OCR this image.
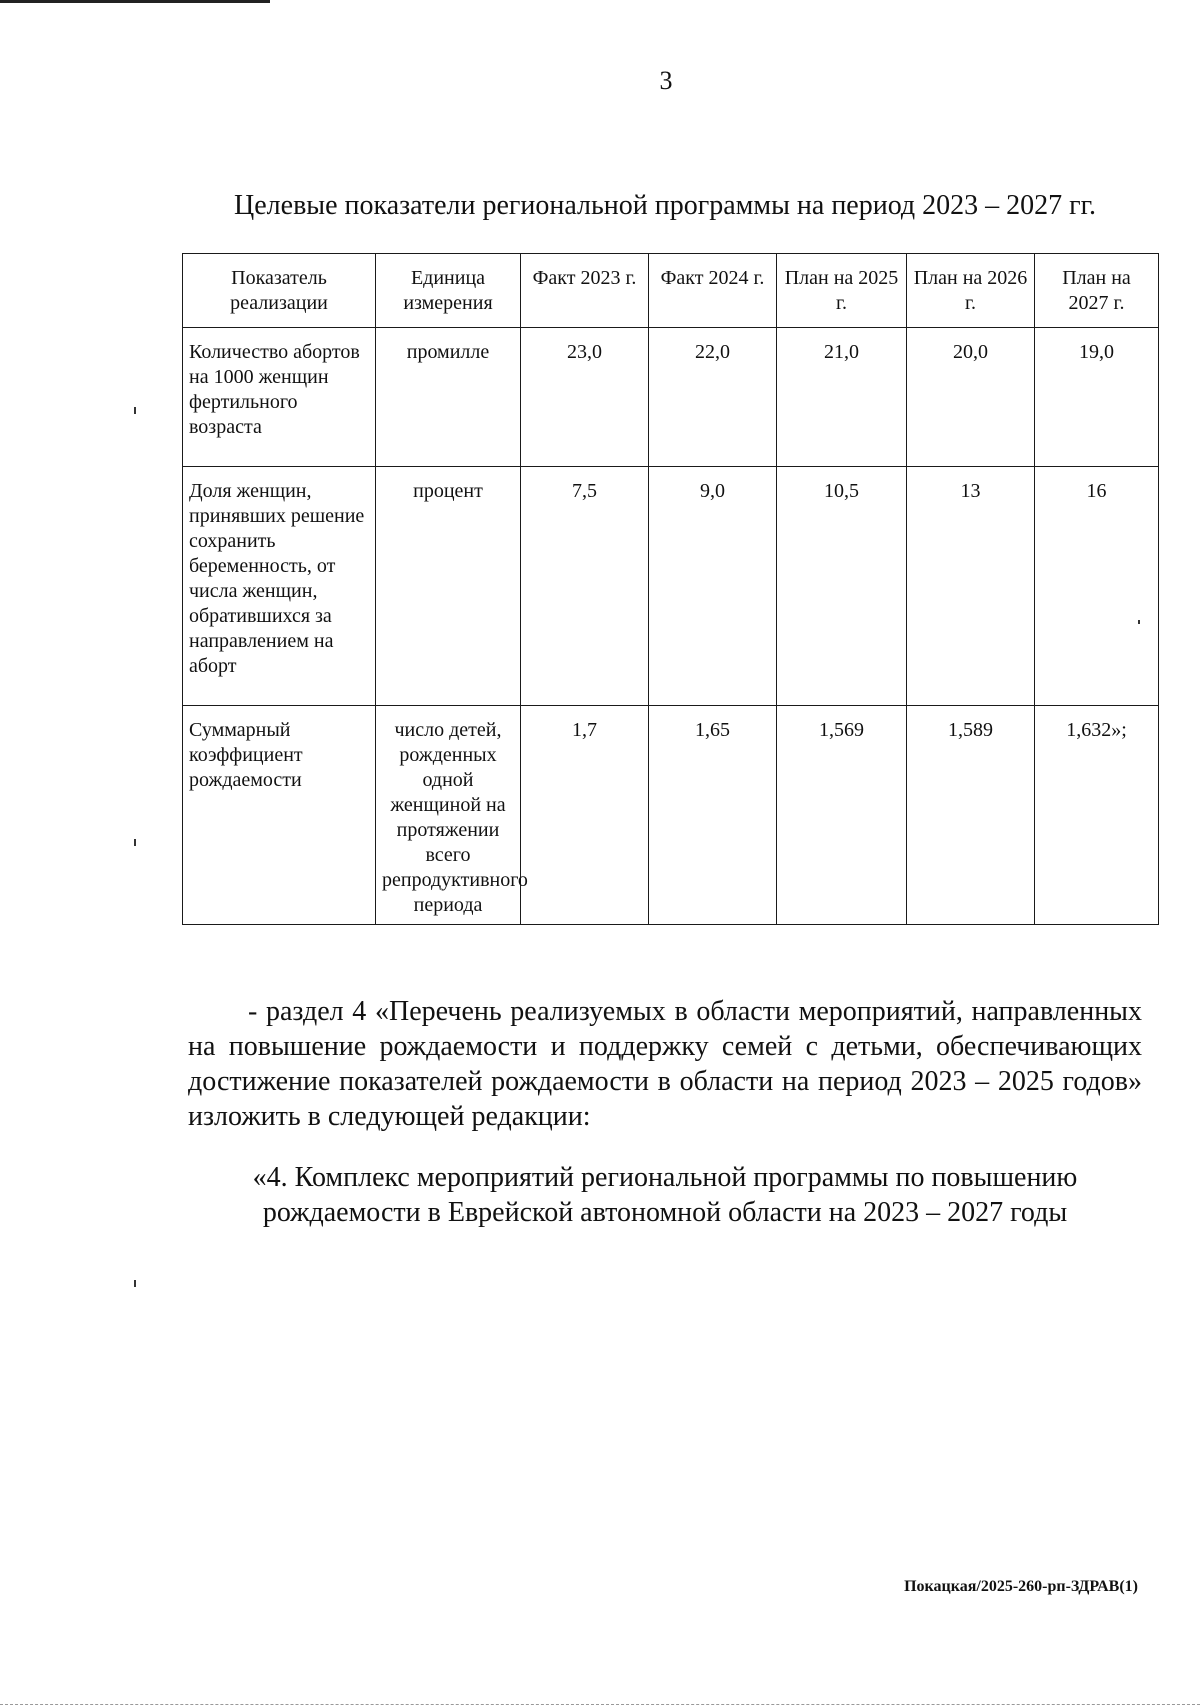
3
Целевые показатели региональной программы на период 2023 – 2027 гг.
Показатель реализации	Единица измерения	Факт 2023 г.	Факт 2024 г.	План на 2025 г.	План на 2026 г.	План на 2027 г.
Количество абортов на 1000 женщин фертильного возраста	промилле	23,0	22,0	21,0	20,0	19,0
Доля женщин, принявших решение сохранить беременность, от числа женщин, обратившихся за направлением на аборт	процент	7,5	9,0	10,5	13	16
Суммарный коэффициент рождаемости	число детей, рожденных одной женщиной на протяжении всего репродуктивного периода	1,7	1,65	1,569	1,589	1,632»;
- раздел 4 «Перечень реализуемых в области мероприятий, направленных на повышение рождаемости и поддержку семей с детьми, обеспечивающих достижение показателей рождаемости в области на период 2023 – 2025 годов» изложить в следующей редакции:
«4. Комплекс мероприятий региональной программы по повышению
рождаемости в Еврейской автономной области на 2023 – 2027 годы
Покацкая/2025-260-рп-ЗДРАВ(1)
